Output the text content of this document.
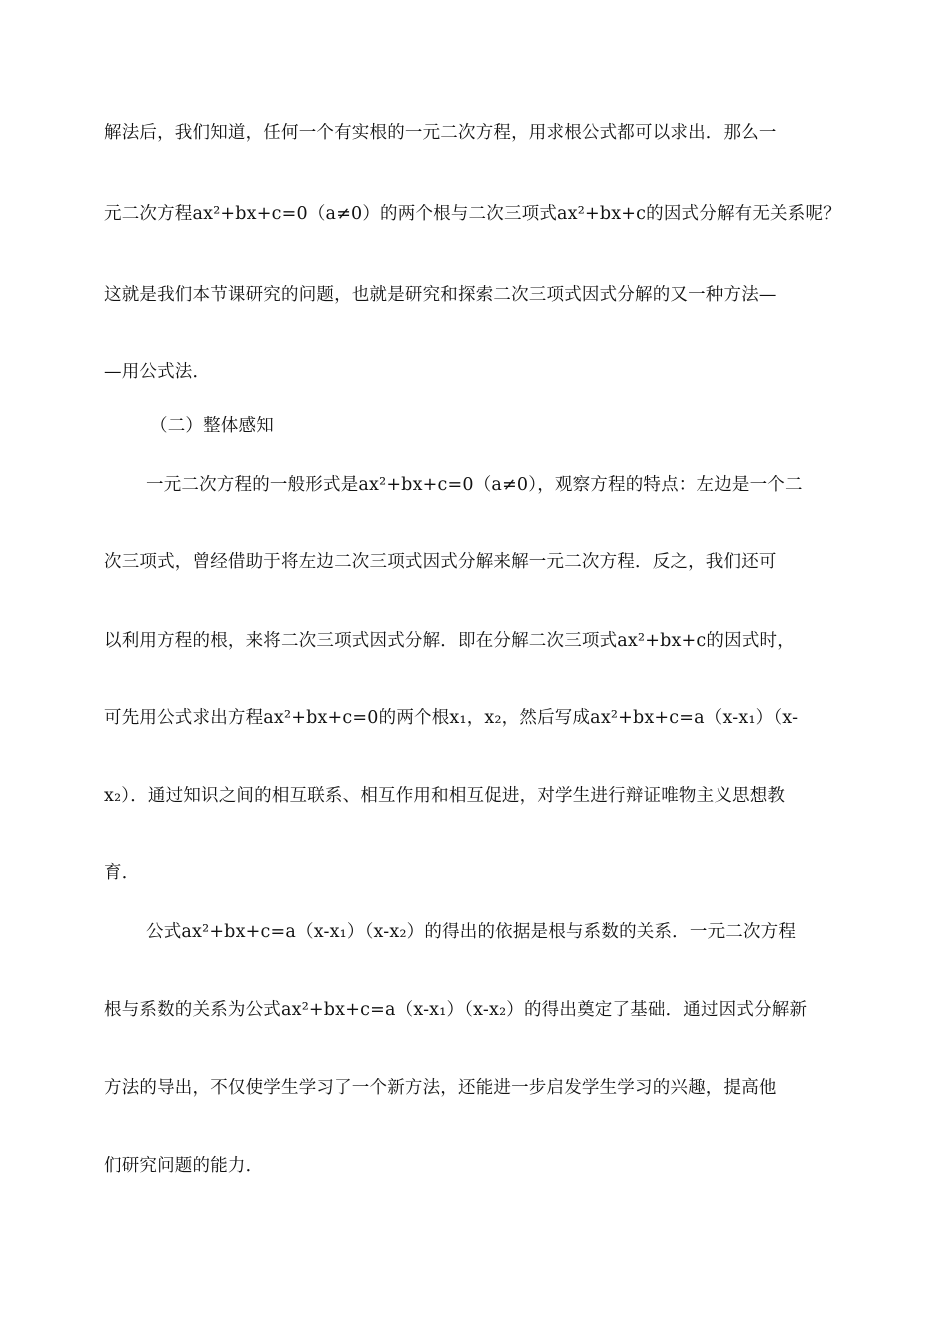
解法后，我们知道，任何一个有实根的一元二次方程，用求根公式都可以求出．那么一
元二次方程ax²+bx+c=0（a≠0）的两个根与二次三项式ax²+bx+c的因式分解有无关系呢？
这就是我们本节课研究的问题，也就是研究和探索二次三项式因式分解的又一种方法—
—用公式法．
（二）整体感知
一元二次方程的一般形式是ax²+bx+c=0（a≠0），观察方程的特点：左边是一个二
次三项式，曾经借助于将左边二次三项式因式分解来解一元二次方程．反之，我们还可
以利用方程的根，来将二次三项式因式分解．即在分解二次三项式ax²+bx+c的因式时，
可先用公式求出方程ax²+bx+c=0的两个根x₁，x₂，然后写成ax²+bx+c=a（x-x₁）（x-
x₂）．通过知识之间的相互联系、相互作用和相互促进，对学生进行辩证唯物主义思想教
育．
公式ax²+bx+c=a（x-x₁）（x-x₂）的得出的依据是根与系数的关系．一元二次方程
根与系数的关系为公式ax²+bx+c=a（x-x₁）（x-x₂）的得出奠定了基础．通过因式分解新
方法的导出，不仅使学生学习了一个新方法，还能进一步启发学生学习的兴趣，提高他
们研究问题的能力．
